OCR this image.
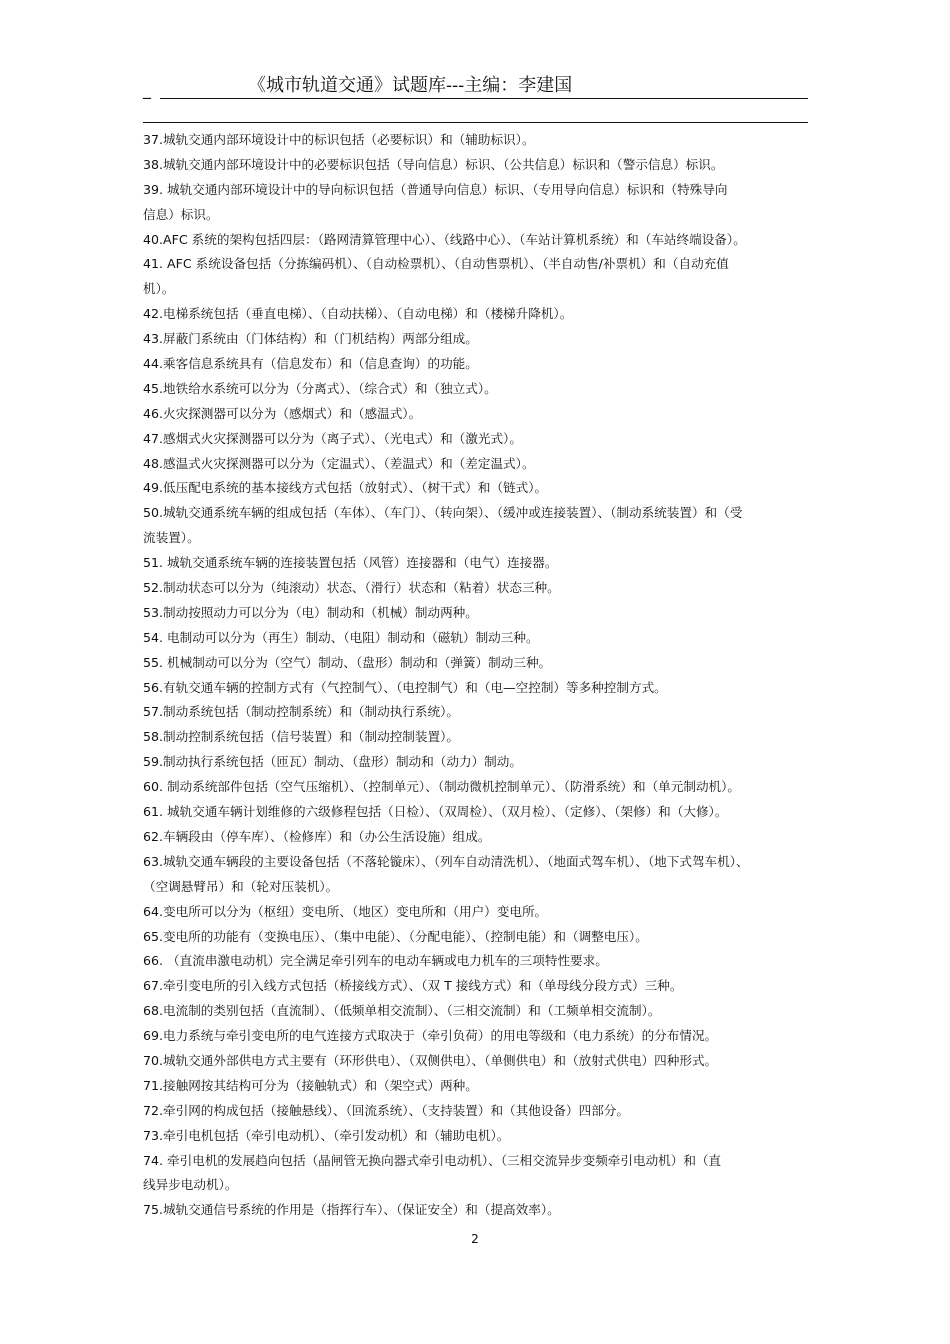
_	《城市轨道交通》试题库---主编：李建国
37.城轨交通内部环境设计中的标识包括（必要标识）和（辅助标识）。
38.城轨交通内部环境设计中的必要标识包括（导向信息）标识、（公共信息）标识和（警示信息）标识。
39. 城轨交通内部环境设计中的导向标识包括（普通导向信息）标识、（专用导向信息）标识和（特殊导向
信息）标识。
40.AFC 系统的架构包括四层：（路网清算管理中心）、（线路中心）、（车站计算机系统）和（车站终端设备）。
41. AFC 系统设备包括（分拣编码机）、（自动检票机）、（自动售票机）、（半自动售/补票机）和（自动充值
机）。
42.电梯系统包括（垂直电梯）、（自动扶梯）、（自动电梯）和（楼梯升降机）。
43.屏蔽门系统由（门体结构）和（门机结构）两部分组成。
44.乘客信息系统具有（信息发布）和（信息查询）的功能。
45.地铁给水系统可以分为（分离式）、（综合式）和（独立式）。
46.火灾探测器可以分为（感烟式）和（感温式）。
47.感烟式火灾探测器可以分为（离子式）、（光电式）和（激光式）。
48.感温式火灾探测器可以分为（定温式）、（差温式）和（差定温式）。
49.低压配电系统的基本接线方式包括（放射式）、（树干式）和（链式）。
50.城轨交通系统车辆的组成包括（车体）、（车门）、（转向架）、（缓冲或连接装置）、（制动系统装置）和（受
流装置）。
51. 城轨交通系统车辆的连接装置包括（风管）连接器和（电气）连接器。
52.制动状态可以分为（纯滚动）状态、（滑行）状态和（粘着）状态三种。
53.制动按照动力可以分为（电）制动和（机械）制动两种。
54. 电制动可以分为（再生）制动、（电阻）制动和（磁轨）制动三种。
55. 机械制动可以分为（空气）制动、（盘形）制动和（弹簧）制动三种。
56.有轨交通车辆的控制方式有（气控制气）、（电控制气）和（电—空控制）等多种控制方式。
57.制动系统包括（制动控制系统）和（制动执行系统）。
58.制动控制系统包括（信号装置）和（制动控制装置）。
59.制动执行系统包括（匝瓦）制动、（盘形）制动和（动力）制动。
60. 制动系统部件包括（空气压缩机）、（控制单元）、（制动微机控制单元）、（防滑系统）和（单元制动机）。
61. 城轨交通车辆计划维修的六级修程包括（日检）、（双周检）、（双月检）、（定修）、（架修）和（大修）。
62.车辆段由（停车库）、（检修库）和（办公生活设施）组成。
63.城轨交通车辆段的主要设备包括（不落轮镟床）、（列车自动清洗机）、（地面式驾车机）、（地下式驾车机）、
（空调悬臂吊）和（轮对压装机）。
64.变电所可以分为（枢纽）变电所、（地区）变电所和（用户）变电所。
65.变电所的功能有（变换电压）、（集中电能）、（分配电能）、（控制电能）和（调整电压）。
66. （直流串激电动机）完全满足牵引列车的电动车辆或电力机车的三项特性要求。
67.牵引变电所的引入线方式包括（桥接线方式）、（双 T 接线方式）和（单母线分段方式）三种。
68.电流制的类别包括（直流制）、（低频单相交流制）、（三相交流制）和（工频单相交流制）。
69.电力系统与牵引变电所的电气连接方式取决于（牵引负荷）的用电等级和（电力系统）的分布情况。
70.城轨交通外部供电方式主要有（环形供电）、（双侧供电）、（单侧供电）和（放射式供电）四种形式。
71.接触网按其结构可分为（接触轨式）和（架空式）两种。
72.牵引网的构成包括（接触悬线）、（回流系统）、（支持装置）和（其他设备）四部分。
73.牵引电机包括（牵引电动机）、（牵引发动机）和（辅助电机）。
74. 牵引电机的发展趋向包括（晶闸管无换向器式牵引电动机）、（三相交流异步变频牵引电动机）和（直
线异步电动机）。
75.城轨交通信号系统的作用是（指挥行车）、（保证安全）和（提高效率）。
2
